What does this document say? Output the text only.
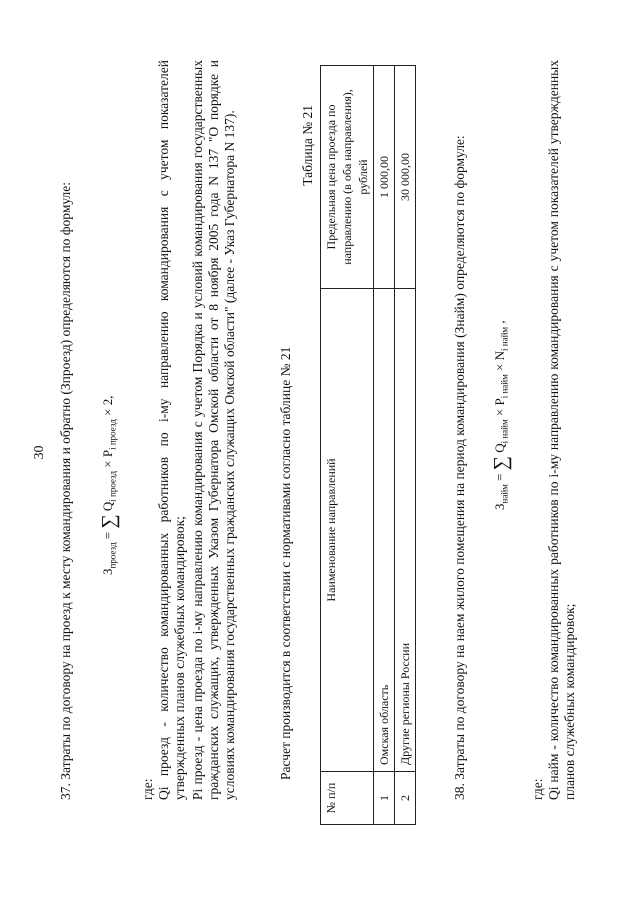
30 37. Затраты по договору на проезд к месту командирования и обратно (Зпроезд) определяются по формуле: $З_{проезд}$ = ∑ $Q_{i проезд} \times P_{i проезд} \times 2$,
где: Qi проезд - количество командированных работников по i-му направлению командирования с учетом показателей утвержденных планов служебных командировок; Pi проезд - цена проезда по i-му направлению командирования с учетом Порядка и условий командирования государственных гражданских служащих, утвержденных Указом Губернатора Омской области от 8 ноября 2005 года N 137 "О порядке и условиях командирования государственных гражданских служащих Омской области" (далее - Указ Губернатора N 137).	Расчет производится в соответствии с нормативами согласно таблице № 21
Таблица № 21
№ п/п	Наименование направлений	Предельная цена проезда по направлению (в оба направления), рублей
1	Омская область	1 000,00
2	Другие регионы России	30 000,00	38. Затраты по договору на наем жилого помещения на период командирования (Знайм) определяются по формуле: $З_{найм}$ = ∑ $Q_{i найм} \times P_{i найм} \times N_{i найм}$ ,
где: Qi найм - количество командированных работников по i-му направлению командирования с учетом показателей утвержденных планов служебных командировок;
